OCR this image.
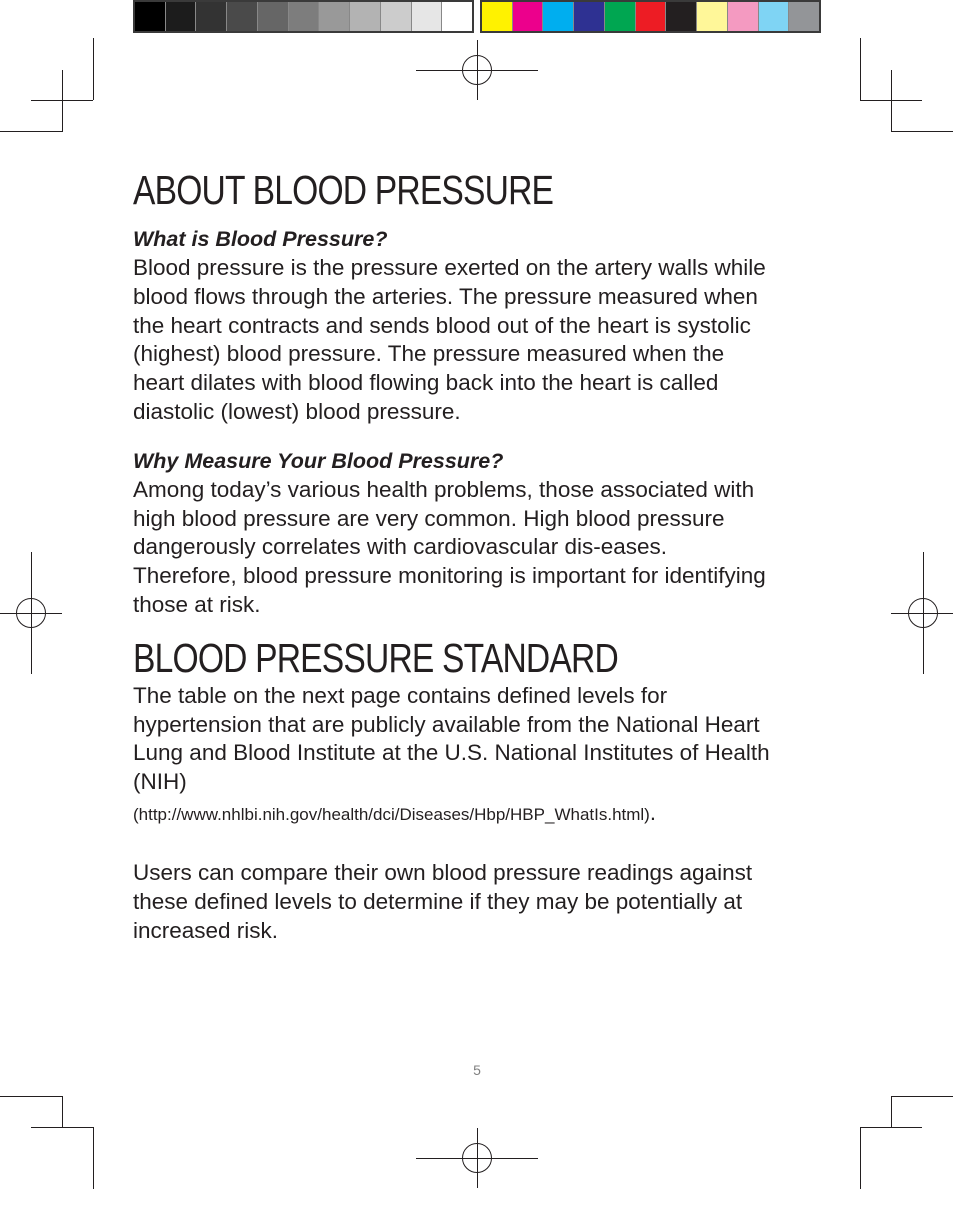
ABOUT BLOOD PRESSURE
What is Blood Pressure?

Blood pressure is the pressure exerted on the artery walls while blood flows through the arteries. The pressure measured when the heart contracts and sends blood out of the heart is systolic (highest) blood pressure. The pressure measured when the heart dilates with blood flowing back into the heart is called diastolic (lowest) blood pressure.

Why Measure Your Blood Pressure?

Among today’s various health problems, those associated with high blood pressure are very common. High blood pressure dangerously correlates with cardiovascular dis-eases. Therefore, blood pressure monitoring is important for identifying those at risk.

BLOOD PRESSURE STANDARD

The table on the next page contains defined levels for hypertension that are publicly available from the National Heart Lung and Blood Institute at the U.S. National Institutes of Health (NIH)

(http://www.nhlbi.nih.gov/health/dci/Diseases/Hbp/HBP_WhatIs.html).

Users can compare their own blood pressure readings against these defined levels to determine if they may be potentially at increased risk.

5
